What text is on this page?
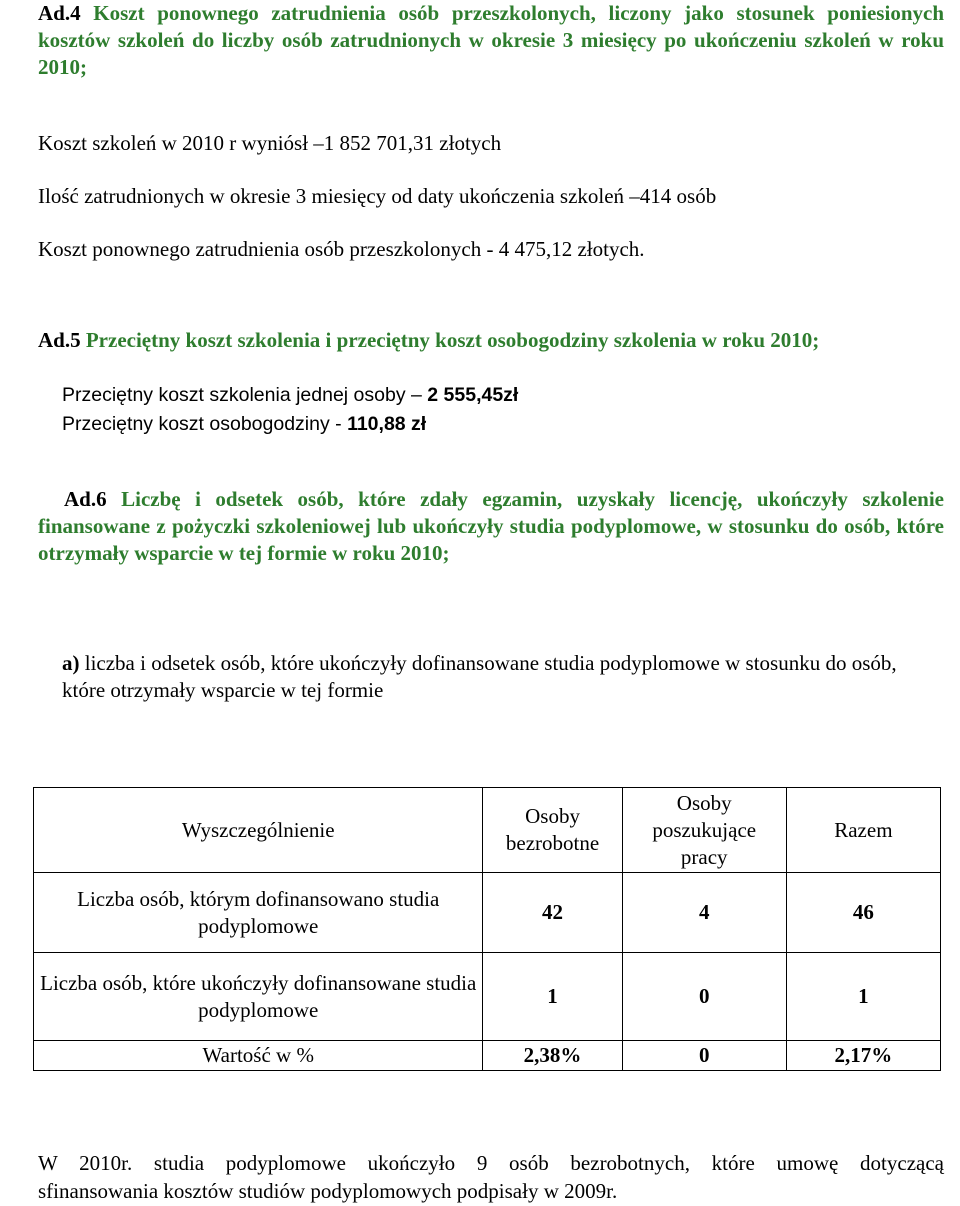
Ad.4 Koszt ponownego zatrudnienia osób przeszkolonych, liczony jako stosunek poniesionych kosztów szkoleń do liczby osób zatrudnionych w okresie 3 miesięcy po ukończeniu szkoleń w roku 2010;
Koszt szkoleń w 2010 r wyniósł –1 852 701,31 złotych
Ilość zatrudnionych w okresie 3 miesięcy od daty ukończenia szkoleń –414 osób
Koszt ponownego zatrudnienia osób przeszkolonych - 4 475,12 złotych.
Ad.5 Przeciętny koszt szkolenia i przeciętny koszt osobogodziny szkolenia w roku 2010;
Przeciętny koszt szkolenia jednej osoby – 2 555,45zł
Przeciętny koszt osobogodziny - 110,88 zł
Ad.6 Liczbę i odsetek osób, które zdały egzamin, uzyskały licencję, ukończyły szkolenie finansowane z pożyczki szkoleniowej lub ukończyły studia podyplomowe, w stosunku do osób, które otrzymały wsparcie w tej formie w roku 2010;
a) liczba i odsetek osób, które ukończyły dofinansowane studia podyplomowe w stosunku do osób, które otrzymały wsparcie w tej formie
Wyszczególnienie	Osoby bezrobotne	Osoby poszukujące pracy	Razem
Liczba osób, którym dofinansowano studia podyplomowe	42	4	46
Liczba osób, które ukończyły dofinansowane studia podyplomowe	1	0	1
Wartość w %	2,38%	0	2,17%
W 2010r. studia podyplomowe ukończyło 9 osób bezrobotnych, które umowę dotyczącą
sfinansowania kosztów studiów podyplomowych podpisały w 2009r.
